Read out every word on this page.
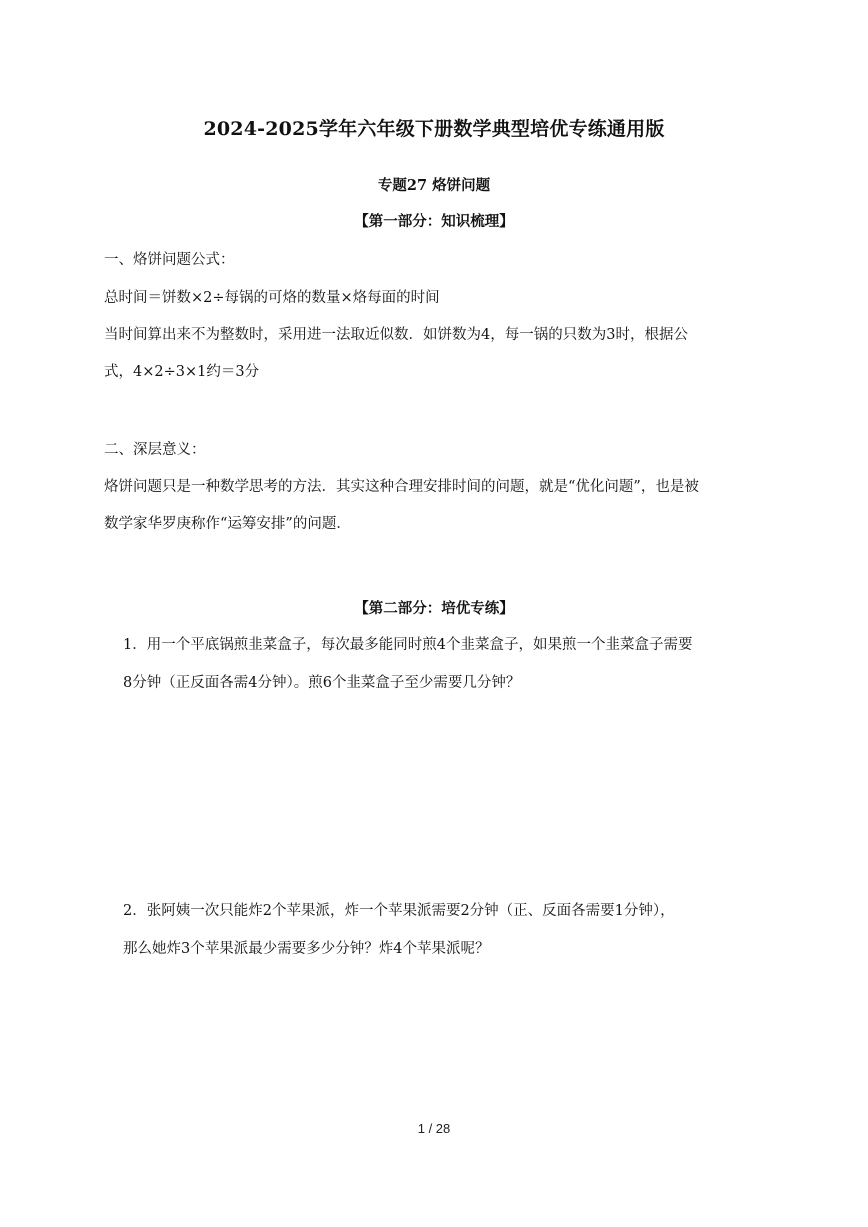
2024-2025学年六年级下册数学典型培优专练通用版
专题27 烙饼问题
【第一部分：知识梳理】
一、烙饼问题公式：
总时间＝饼数×2÷每锅的可烙的数量×烙每面的时间
当时间算出来不为整数时，采用进一法取近似数．如饼数为4，每一锅的只数为3时，根据公
式，4×2÷3×1约＝3分
二、深层意义：
烙饼问题只是一种数学思考的方法．其实这种合理安排时间的问题，就是“优化问题”，也是被
数学家华罗庚称作“运筹安排”的问题．
【第二部分：培优专练】
1．用一个平底锅煎韭菜盒子，每次最多能同时煎4个韭菜盒子，如果煎一个韭菜盒子需要
8分钟（正反面各需4分钟）。煎6个韭菜盒子至少需要几分钟？
2．张阿姨一次只能炸2个苹果派，炸一个苹果派需要2分钟（正、反面各需要1分钟），
那么她炸3个苹果派最少需要多少分钟？炸4个苹果派呢？
1 / 28
